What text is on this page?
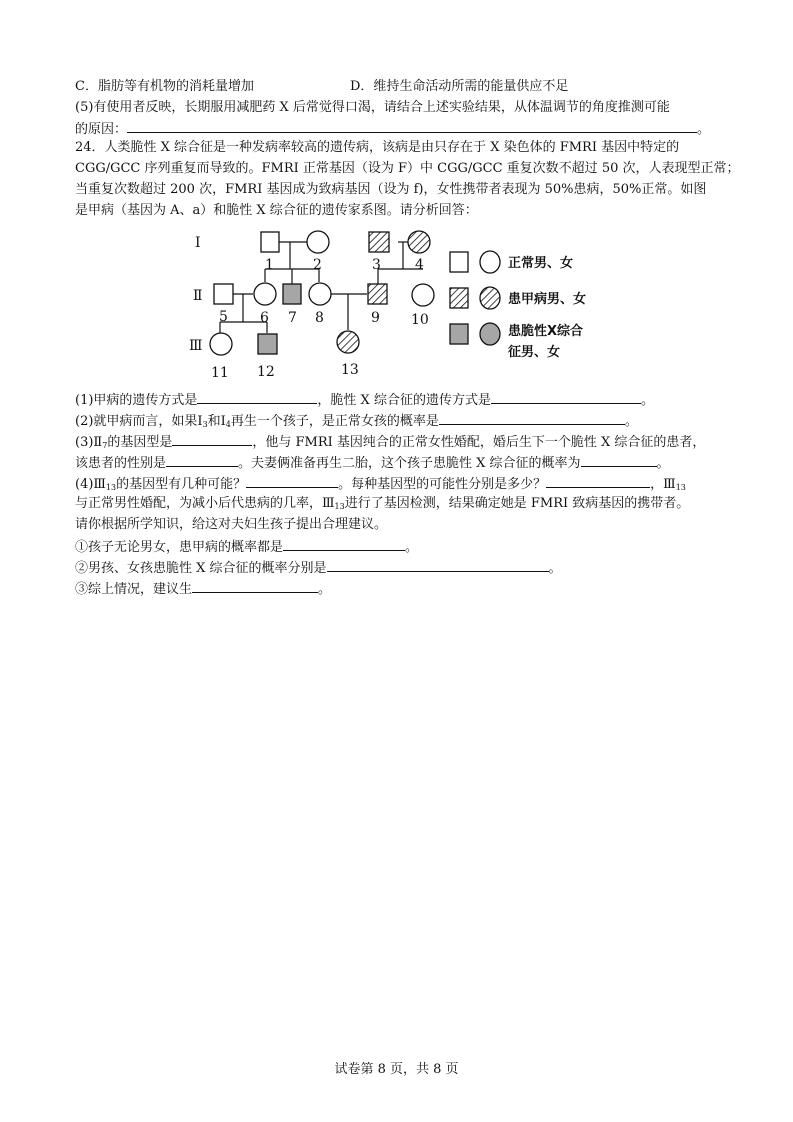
C．脂肪等有机物的消耗量增加	D．维持生命活动所需的能量供应不足
(5)有使用者反映，长期服用减肥药 X 后常觉得口渴，请结合上述实验结果，从体温调节的角度推测可能
的原因：	。
24．人类脆性 X 综合征是一种发病率较高的遗传病，该病是由只存在于 X 染色体的 FMRI 基因中特定的
CGG/GCC 序列重复而导致的。FMRI 正常基因（设为 F）中 CGG/GCC 重复次数不超过 50 次，人表现型正常；
当重复次数超过 200 次，FMRI 基因成为致病基因（设为 f)，女性携带者表现为 50%患病，50%正常。如图
是甲病（基因为 A、a）和脆性 X 综合征的遗传家系图。请分析回答：
Ⅰ
Ⅱ
Ⅲ
1	2	3 4
5 6 7 8	9 10
11 12	13
正常男、女
患甲病男、女
患脆性X综合
征男、女
(1)甲病的遗传方式是	，脆性 X 综合征的遗传方式是	。
(2)就甲病而言，如果$Ⅰ_3$和$Ⅰ_4$再生一个孩子，是正常女孩的概率是	。
$(3)Ⅱ_7$的基因型是	，他与 FMRI 基因纯合的正常女性婚配，婚后生下一个脆性 X 综合征的患者，
该患者的性别是	。夫妻俩准备再生二胎，这个孩子患脆性 X 综合征的概率为	。
$(4)Ⅲ_{13}$的基因型有几种可能？	。每种基因型的可能性分别是多少？	，$Ⅲ_{13}$
与正常男性婚配，为减小后代患病的几率，$Ⅲ_{13}$进行了基因检测，结果确定她是 FMRI 致病基因的携带者。
请你根据所学知识，给这对夫妇生孩子提出合理建议。
①孩子无论男女，患甲病的概率都是	。
②男孩、女孩患脆性 X 综合征的概率分别是	。
③综上情况，建议生	。
试卷第 8 页，共 8 页
